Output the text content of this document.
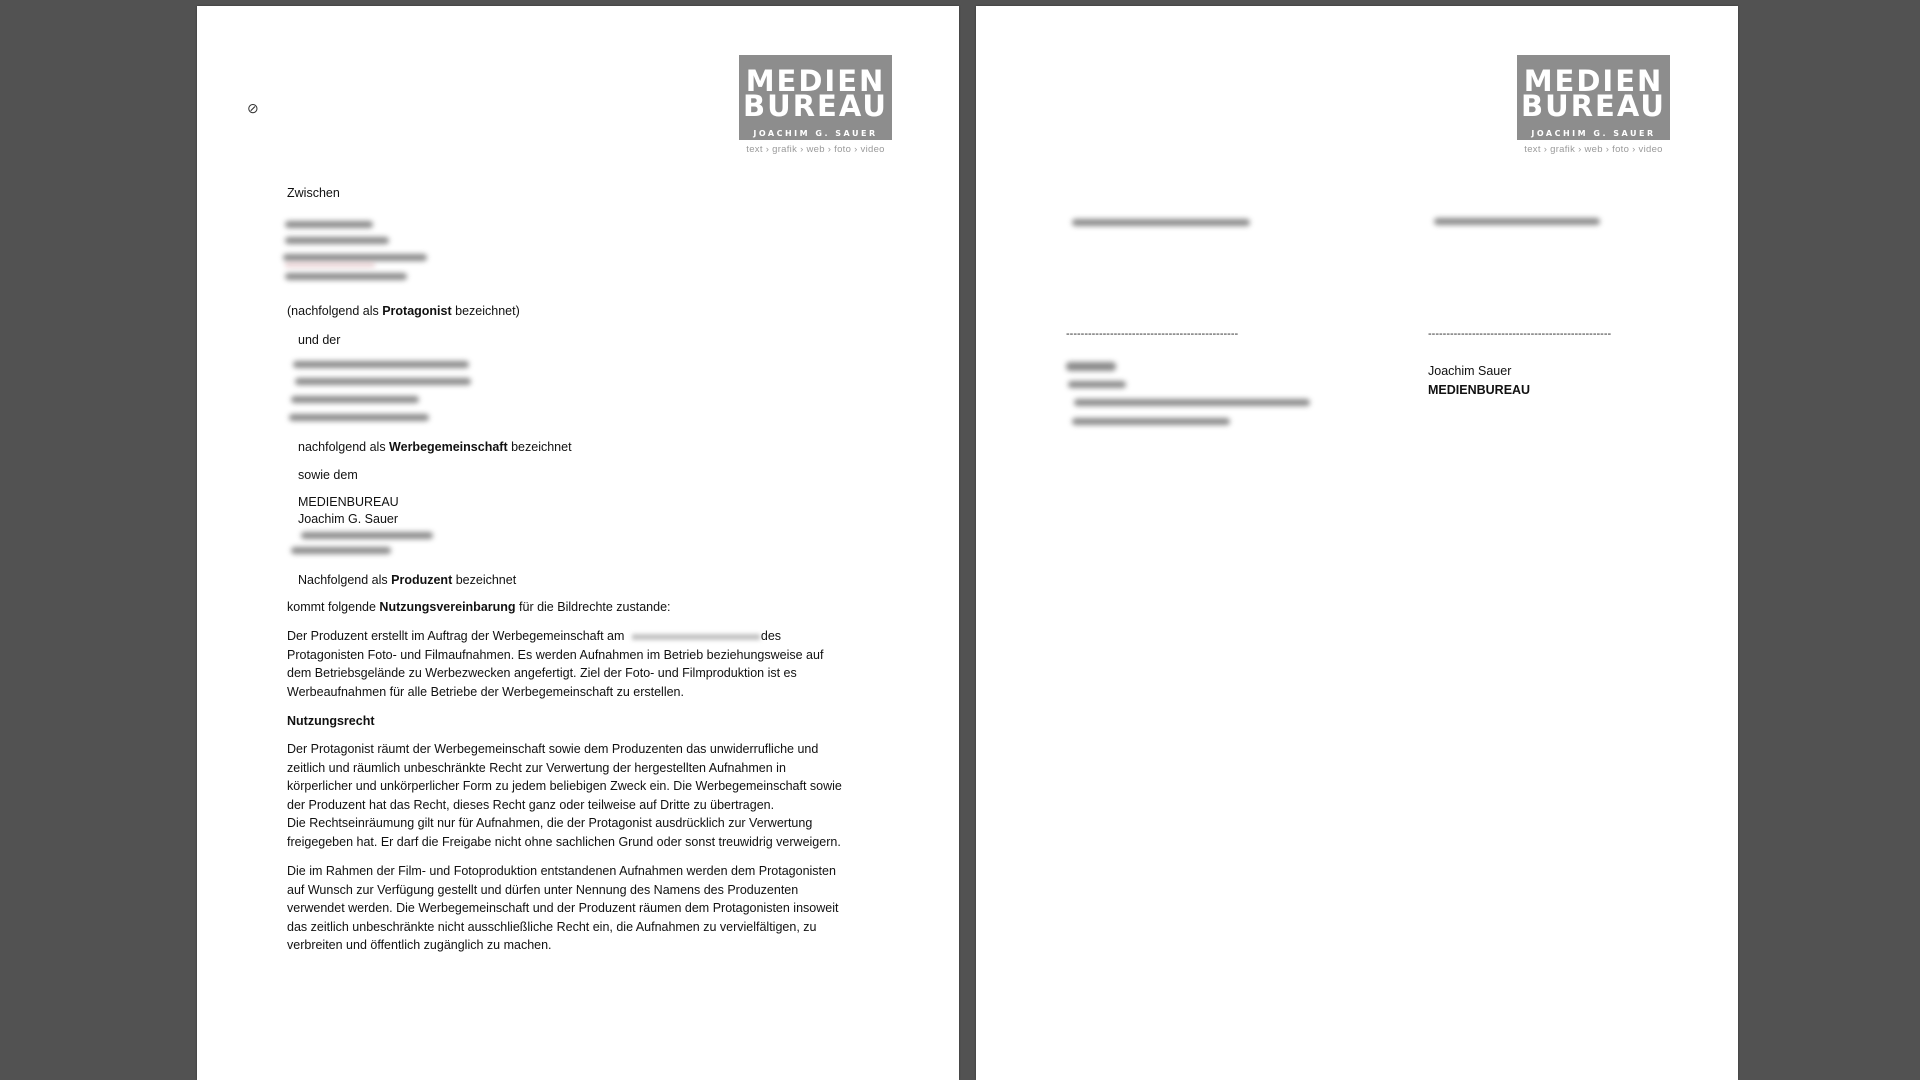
⊘
MEDIEN
BUREAU
JOACHIM G. SAUER
text › grafik › web › foto › video
Zwischen
(nachfolgend als Protagonist bezeichnet)
und der
nachfolgend als Werbegemeinschaft bezeichnet
sowie dem
MEDIENBUREAU
Joachim G. Sauer
Nachfolgend als Produzent bezeichnet
kommt folgende Nutzungsvereinbarung für die Bildrechte zustande:
Der Produzent erstellt im Auftrag der Werbegemeinschaft am	des
Protagonisten Foto- und Filmaufnahmen. Es werden Aufnahmen im Betrieb beziehungsweise auf
dem Betriebsgelände zu Werbezwecken angefertigt. Ziel der Foto- und Filmproduktion ist es
Werbeaufnahmen für alle Betriebe der Werbegemeinschaft zu erstellen.
Nutzungsrecht
Der Protagonist räumt der Werbegemeinschaft sowie dem Produzenten das unwiderrufliche und
zeitlich und räumlich unbeschränkte Recht zur Verwertung der hergestellten Aufnahmen in
körperlicher und unkörperlicher Form zu jedem beliebigen Zweck ein. Die Werbegemeinschaft sowie
der Produzent hat das Recht, dieses Recht ganz oder teilweise auf Dritte zu übertragen.
Die Rechtseinräumung gilt nur für Aufnahmen, die der Protagonist ausdrücklich zur Verwertung
freigegeben hat. Er darf die Freigabe nicht ohne sachlichen Grund oder sonst treuwidrig verweigern.
Die im Rahmen der Film- und Fotoproduktion entstandenen Aufnahmen werden dem Protagonisten
auf Wunsch zur Verfügung gestellt und dürfen unter Nennung des Namens des Produzenten
verwendet werden. Die Werbegemeinschaft und der Produzent räumen dem Protagonisten insoweit
das zeitlich unbeschränkte nicht ausschließliche Recht ein, die Aufnahmen zu vervielfältigen, zu
verbreiten und öffentlich zugänglich zu machen.
MEDIEN
BUREAU
JOACHIM G. SAUER
text › grafik › web › foto › video
-----------------------------------------------	--------------------------------------------------
Joachim Sauer
MEDIENBUREAU
